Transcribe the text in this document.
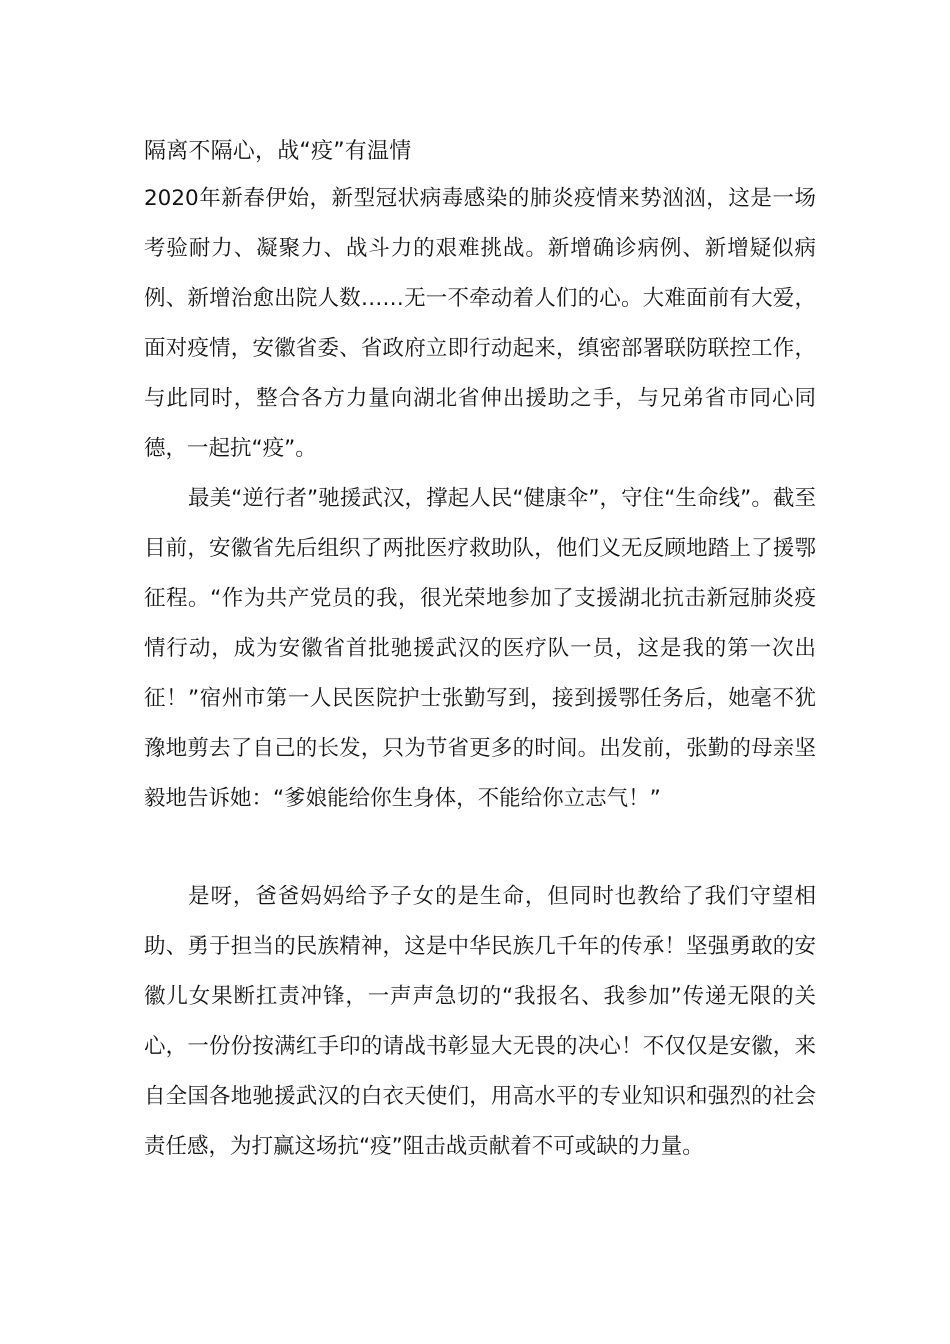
隔离不隔心，战“疫”有温情

2020年新春伊始，新型冠状病毒感染的肺炎疫情来势汹汹，这是一场考验耐力、凝聚力、战斗力的艰难挑战。新增确诊病例、新增疑似病例、新增治愈出院人数……无一不牵动着人们的心。大难面前有大爱，面对疫情，安徽省委、省政府立即行动起来，缜密部署联防联控工作，与此同时，整合各方力量向湖北省伸出援助之手，与兄弟省市同心同德，一起抗“疫”。

最美“逆行者”驰援武汉，撑起人民“健康伞”，守住“生命线”。截至目前，安徽省先后组织了两批医疗救助队，他们义无反顾地踏上了援鄂征程。“作为共产党员的我，很光荣地参加了支援湖北抗击新冠肺炎疫情行动，成为安徽省首批驰援武汉的医疗队一员，这是我的第一次出征！”宿州市第一人民医院护士张勤写到，接到援鄂任务后，她毫不犹豫地剪去了自己的长发，只为节省更多的时间。出发前，张勤的母亲坚毅地告诉她：“爹娘能给你生身体，不能给你立志气！”

是呀，爸爸妈妈给予子女的是生命，但同时也教给了我们守望相助、勇于担当的民族精神，这是中华民族几千年的传承！坚强勇敢的安徽儿女果断扛责冲锋，一声声急切的“我报名、我参加”传递无限的关心，一份份按满红手印的请战书彰显大无畏的决心！不仅仅是安徽，来自全国各地驰援武汉的白衣天使们，用高水平的专业知识和强烈的社会责任感，为打赢这场抗“疫”阻击战贡献着不可或缺的力量。
